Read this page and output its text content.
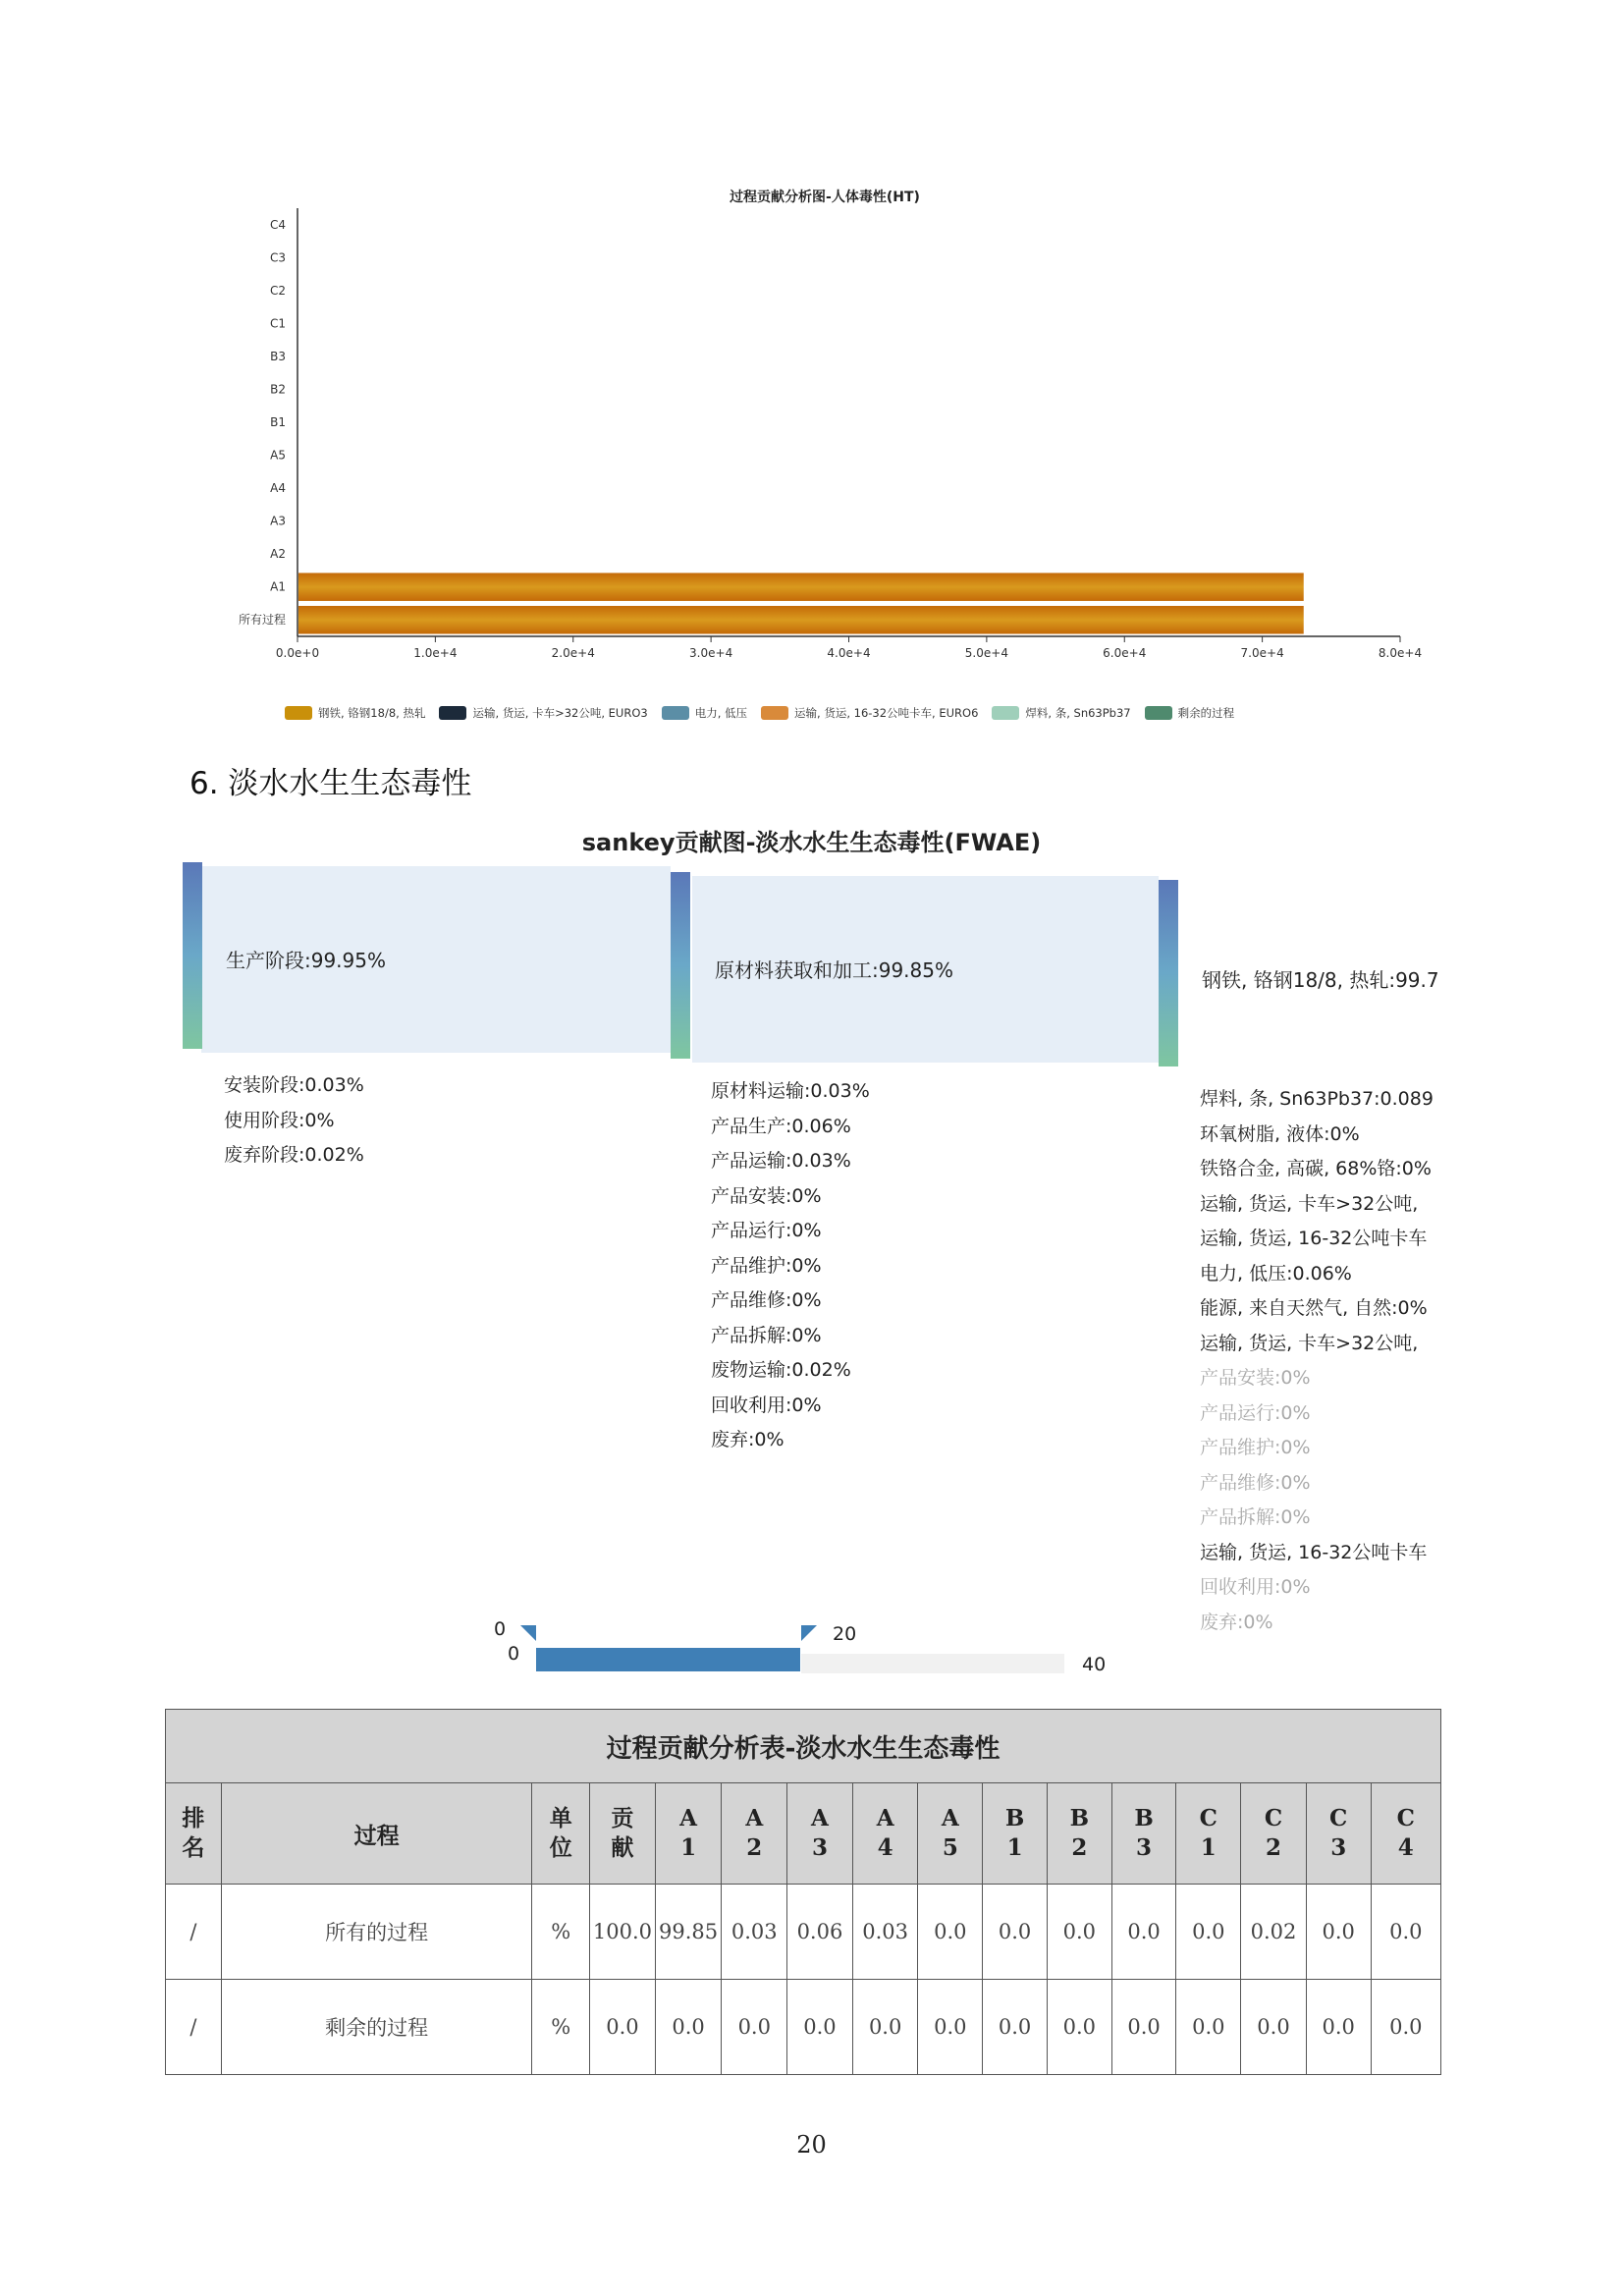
过程贡献分析图-人体毒性(HT)
所有过程
A1
A2
A3
A4
A5
B1
B2
B3
C1
C2
C3
C4
0.0e+0	1.0e+4	2.0e+4	3.0e+4	4.0e+4	5.0e+4	6.0e+4	7.0e+4	8.0e+4
钢铁, 铬钢18/8, 热轧	运输, 货运, 卡车>32公吨, EURO3	电力, 低压	运输, 货运, 16-32公吨卡车, EURO6	焊料, 条, Sn63Pb37	剩余的过程
6. 淡水水生生态毒性
sankey贡献图-淡水水生生态毒性(FWAE)
生产阶段:99.95%	原材料获取和加工:99.85%	钢铁, 铬钢18/8, 热轧:99.7
安装阶段:0.03%
使用阶段:0%
废弃阶段:0.02%
原材料运输:0.03%
产品生产:0.06%
产品运输:0.03%
产品安装:0%
产品运行:0%
产品维护:0%
产品维修:0%
产品拆解:0%
废物运输:0.02%
回收利用:0%
废弃:0%
焊料, 条, Sn63Pb37:0.089
环氧树脂, 液体:0%
铁铬合金, 高碳, 68%铬:0%
运输, 货运, 卡车>32公吨,
运输, 货运, 16-32公吨卡车
电力, 低压:0.06%
能源, 来自天然气, 自然:0%
运输, 货运, 卡车>32公吨,
产品安装:0%
产品运行:0%
产品维护:0%
产品维修:0%
产品拆解:0%
运输, 货运, 16-32公吨卡车
回收利用:0%
废弃:0%
0
0
20
40
过程贡献分析表-淡水水生生态毒性															
排名	过程	单位	贡献	A1	A2	A3	A4	A5	B1	B2	B3	C1	C2	C3	C4
/	所有的过程	%	100.0	99.85	0.03	0.06	0.03	0.0	0.0	0.0	0.0	0.0	0.02	0.0	0.0
/	剩余的过程	%	0.0	0.0	0.0	0.0	0.0	0.0	0.0	0.0	0.0	0.0	0.0	0.0	0.0
20
